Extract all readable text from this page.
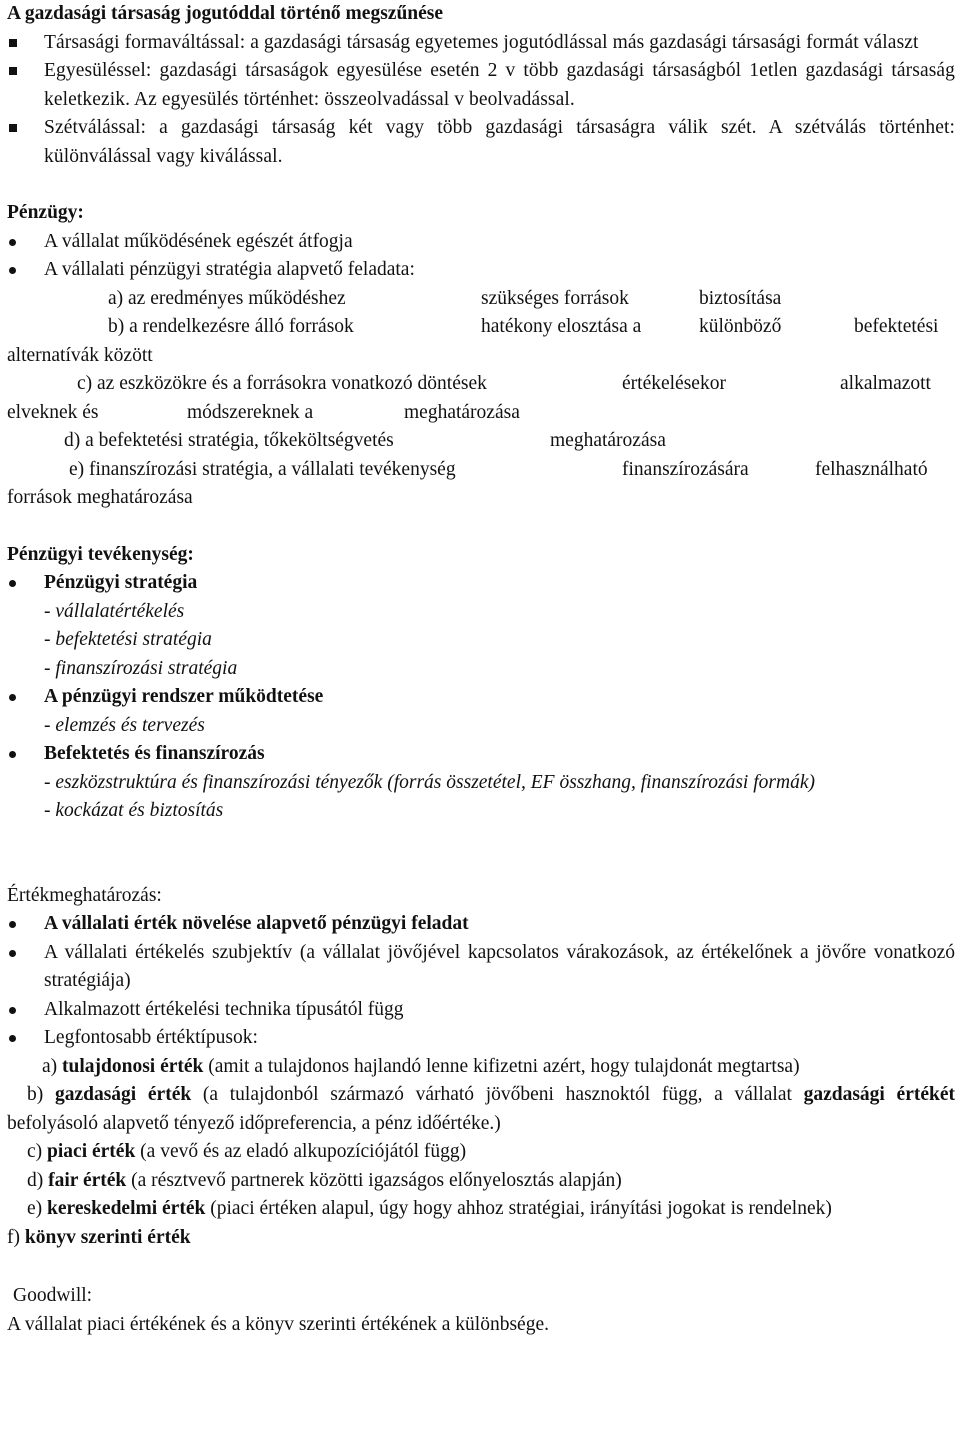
A gazdasági társaság jogutóddal történő megszűnése

Társasági formaváltással: a gazdasági társaság egyetemes jogutódlással más gazdasági társasági formát választ
Egyesüléssel: gazdasági társaságok egyesülése esetén 2 v több gazdasági társaságból 1etlen gazdasági társaság keletkezik. Az egyesülés történhet: összeolvadással v beolvadással.
Szétválással: a gazdasági társaság két vagy több gazdasági társaságra válik szét. A szétválás történhet: különválással vagy kiválással.

Pénzügy:

A vállalat működésének egészét átfogja
A vállalati pénzügyi stratégia alapvető feladata:
a) az eredményes működéshez	szükséges források	biztosítása
b) a rendelkezésre álló források	hatékony elosztása a	különböző	befektetési

alternatívák között

c) az eszközökre és a forrásokra vonatkozó döntések	értékelésekor	alkalmazott
elveknek és	módszereknek a	meghatározása
d) a befektetési stratégia, tőkeköltségvetés	meghatározása
e) finanszírozási stratégia, a vállalati tevékenység	finanszírozására	felhasználható

források meghatározása

Pénzügyi tevékenység:

Pénzügyi stratégia

- vállalatértékelés

- befektetési stratégia

- finanszírozási stratégia

A pénzügyi rendszer működtetése

- elemzés és tervezés

Befektetés és finanszírozás

- eszközstruktúra és finanszírozási tényezők (forrás összetétel, EF összhang, finanszírozási formák)

- kockázat és biztosítás

Értékmeghatározás:

A vállalati érték növelése alapvető pénzügyi feladat
A vállalati értékelés szubjektív (a vállalat jövőjével kapcsolatos várakozások, az értékelőnek a jövőre vonatkozó stratégiája)
Alkalmazott értékelési technika típusától függ
Legfontosabb értéktípusok:

a) tulajdonosi érték (amit a tulajdonos hajlandó lenne kifizetni azért, hogy tulajdonát megtartsa)

b) gazdasági érték (a tulajdonból származó várható jövőbeni hasznoktól függ, a vállalat gazdasági értékét befolyásoló alapvető tényező időpreferencia, a pénz időértéke.)

c) piaci érték (a vevő és az eladó alkupozíciójától függ)

d) fair érték (a résztvevő partnerek közötti igazságos előnyelosztás alapján)

e) kereskedelmi érték (piaci értéken alapul, úgy hogy ahhoz stratégiai, irányítási jogokat is rendelnek)

f) könyv szerinti érték

Goodwill:

A vállalat piaci értékének és a könyv szerinti értékének a különbsége.
